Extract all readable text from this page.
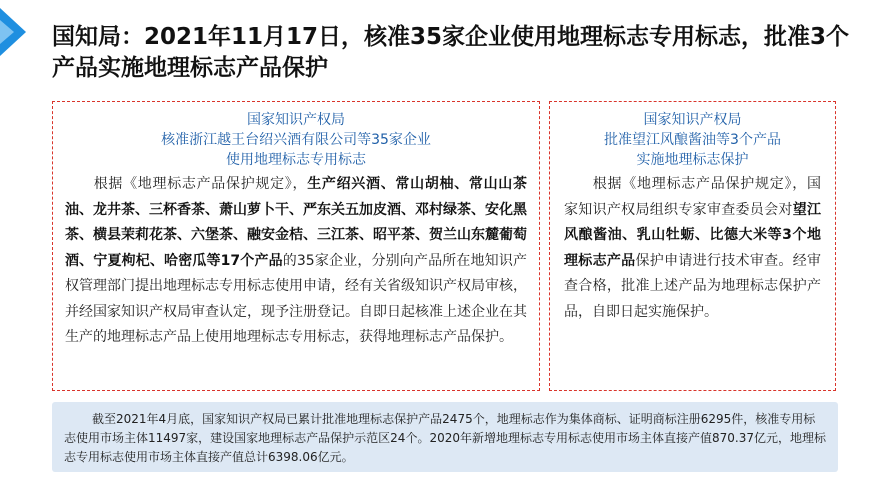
国知局：2021年11月17日，核准35家企业使用地理标志专用标志，批准3个产品实施地理标志产品保护
国家知识产权局
核准浙江越王台绍兴酒有限公司等35家企业
使用地理标志专用标志
根据《地理标志产品保护规定》，生产绍兴酒、常山胡柚、常山山茶油、龙井茶、三杯香茶、萧山萝卜干、严东关五加皮酒、邓村绿茶、安化黑茶、横县茉莉花茶、六堡茶、融安金桔、三江茶、昭平茶、贺兰山东麓葡萄酒、宁夏枸杞、哈密瓜等17个产品的35家企业，分别向产品所在地知识产权管理部门提出地理标志专用标志使用申请，经有关省级知识产权局审核，并经国家知识产权局审查认定，现予注册登记。自即日起核准上述企业在其生产的地理标志产品上使用地理标志专用标志，获得地理标志产品保护。
国家知识产权局
批准望江风酿酱油等3个产品
实施地理标志保护
根据《地理标志产品保护规定》，国家知识产权局组织专家审查委员会对望江风酿酱油、乳山牡蛎、比德大米等3个地理标志产品保护申请进行技术审查。经审查合格，批准上述产品为地理标志保护产品，自即日起实施保护。
截至2021年4月底，国家知识产权局已累计批准地理标志保护产品2475个，地理标志作为集体商标、证明商标注册6295件，核准专用标志使用市场主体11497家，建设国家地理标志产品保护示范区24个。2020年新增地理标志专用标志使用市场主体直接产值870.37亿元，地理标志专用标志使用市场主体直接产值总计6398.06亿元。
